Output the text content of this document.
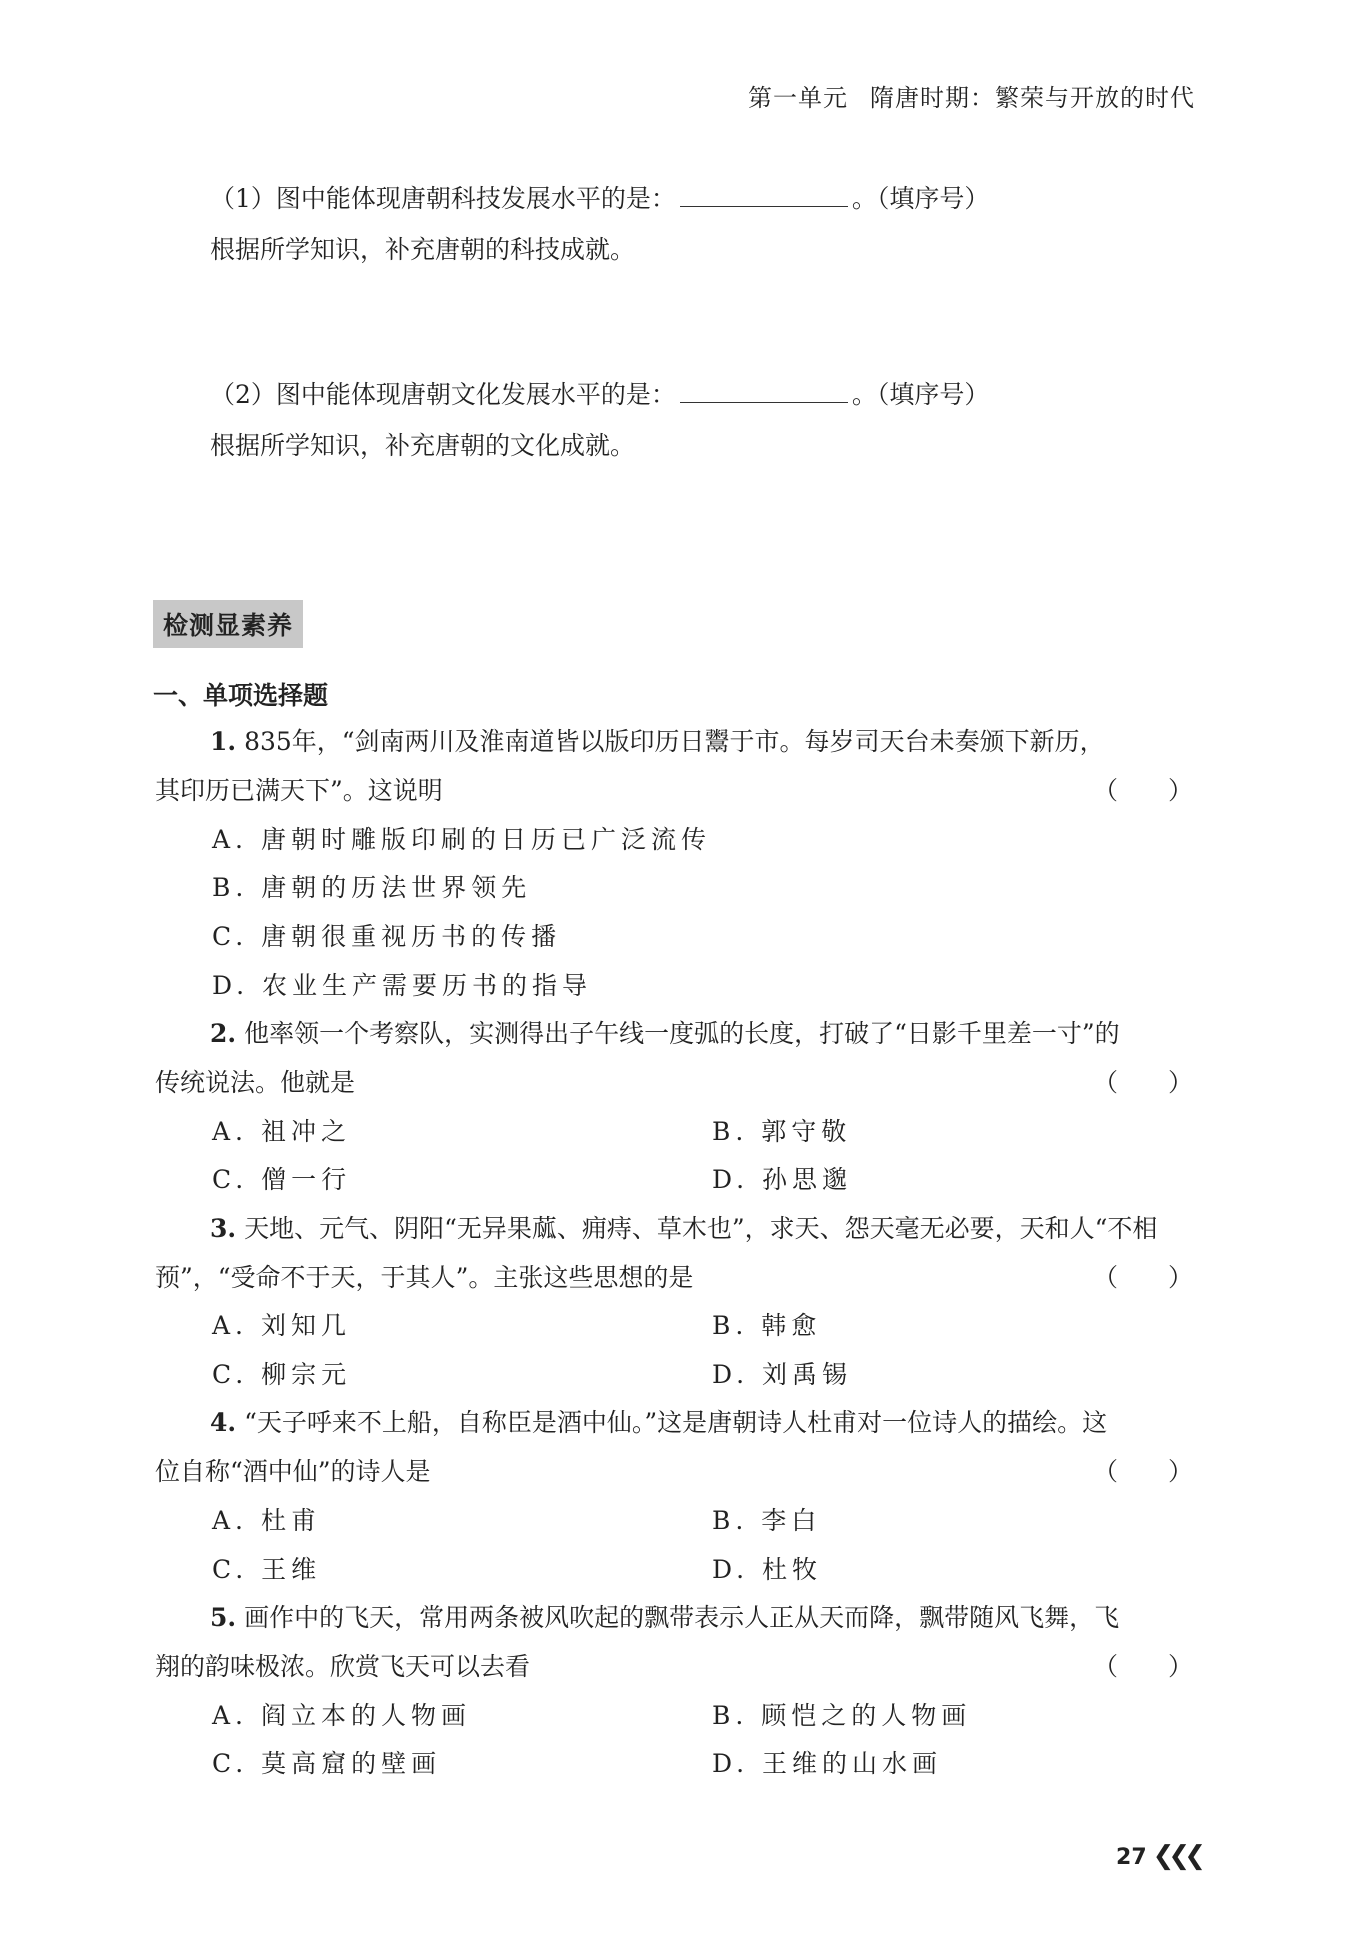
第一单元 隋唐时期：繁荣与开放的时代
（1）图中能体现唐朝科技发展水平的是：	。（填序号）
根据所学知识，补充唐朝的科技成就。
（2）图中能体现唐朝文化发展水平的是：	。（填序号）
根据所学知识，补充唐朝的文化成就。
检测显素养
一、单项选择题
1. 835年，“剑南两川及淮南道皆以版印历日鬻于市。每岁司天台未奏颁下新历，
其印历已满天下”。这说明	（　　）
A. 唐朝时雕版印刷的日历已广泛流传
B. 唐朝的历法世界领先
C. 唐朝很重视历书的传播
D. 农业生产需要历书的指导
2. 他率领一个考察队，实测得出子午线一度弧的长度，打破了“日影千里差一寸”的
传统说法。他就是	（　　）
A. 祖冲之	B. 郭守敬
C. 僧一行	D. 孙思邈
3. 天地、元气、阴阳“无异果蓏、痈痔、草木也”，求天、怨天毫无必要，天和人“不相
预”，“受命不于天，于其人”。主张这些思想的是	（　　）
A. 刘知几	B. 韩愈
C. 柳宗元	D. 刘禹锡
4. “天子呼来不上船，自称臣是酒中仙。”这是唐朝诗人杜甫对一位诗人的描绘。这
位自称“酒中仙”的诗人是	（　　）
A. 杜甫	B. 李白
C. 王维	D. 杜牧
5. 画作中的飞天，常用两条被风吹起的飘带表示人正从天而降，飘带随风飞舞，飞
翔的韵味极浓。欣赏飞天可以去看	（　　）
A. 阎立本的人物画	B. 顾恺之的人物画
C. 莫高窟的壁画	D. 王维的山水画
27 ❮❮❮
